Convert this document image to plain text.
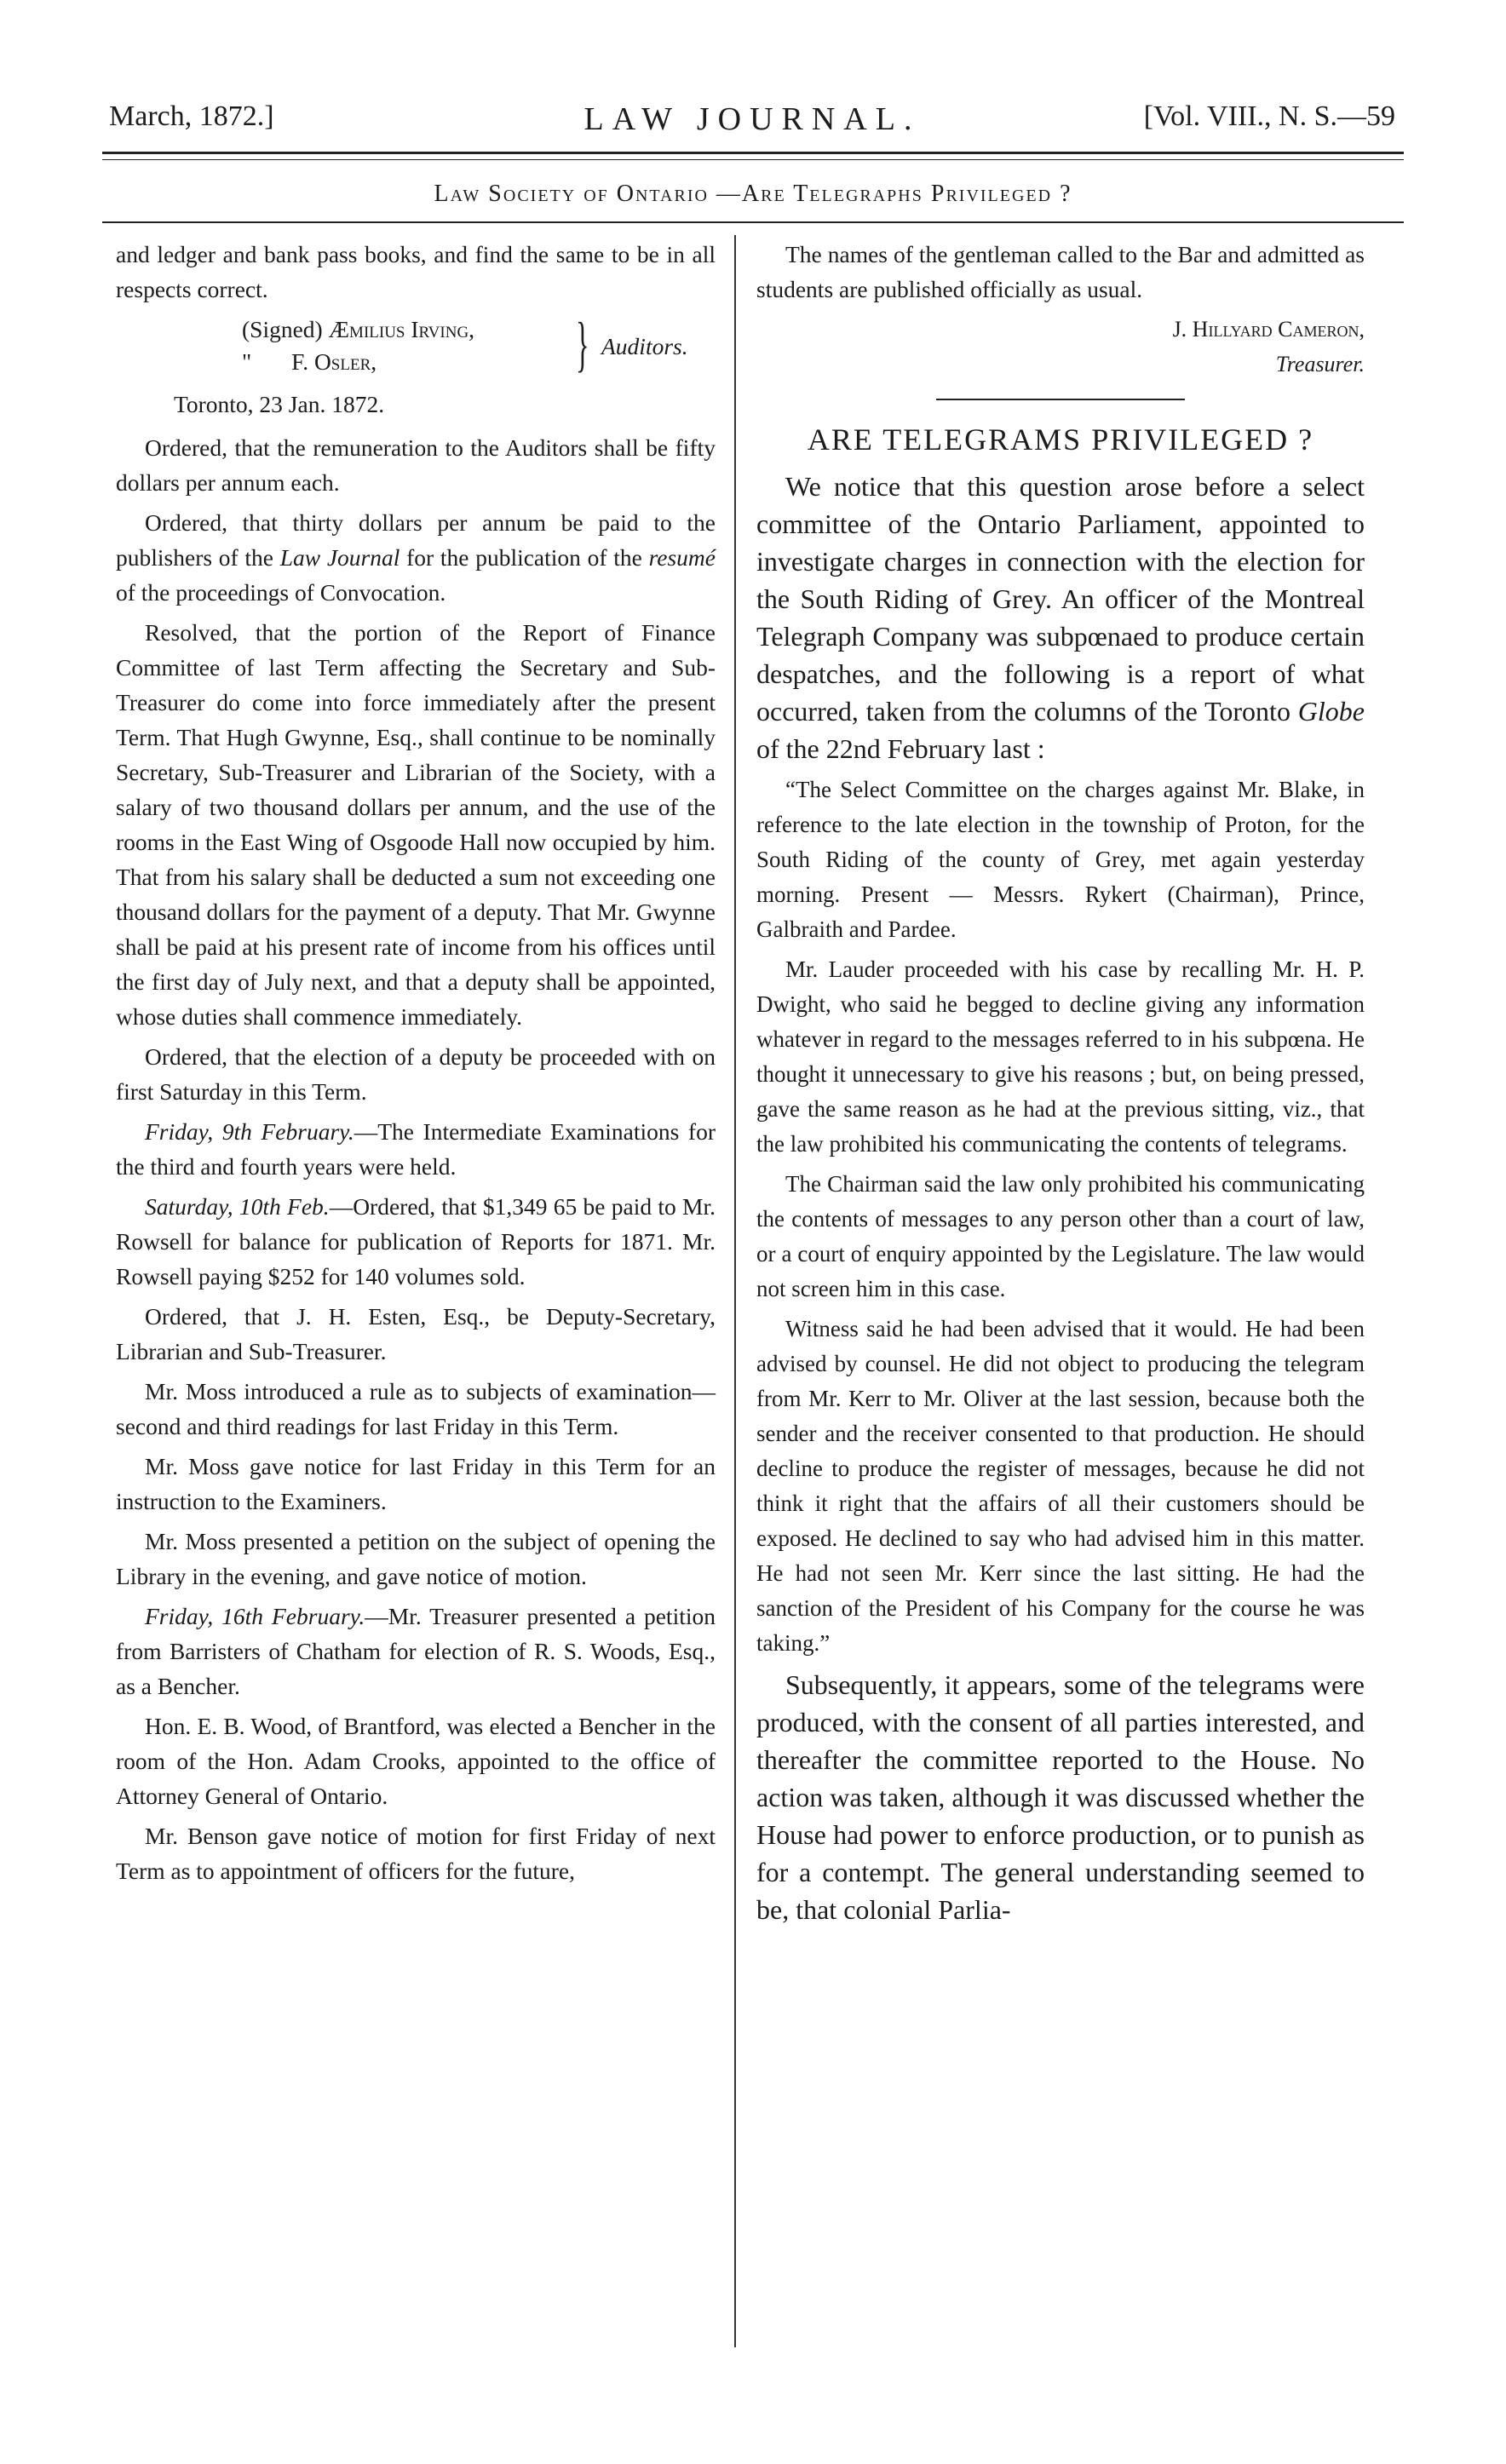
March, 1872.]	LAW JOURNAL.	[Vol. VIII., N. S.—59
Law Society of Ontario —Are Telegraphs Privileged ?

and ledger and bank pass books, and find the same to be in all respects correct.

(Signed) Æmilius Irving,
" F. Osler,	} Auditors.

Toronto, 23 Jan. 1872.

Ordered, that the remuneration to the Auditors shall be fifty dollars per annum each.

Ordered, that thirty dollars per annum be paid to the publishers of the Law Journal for the publication of the resumé of the proceedings of Convocation.

Resolved, that the portion of the Report of Finance Committee of last Term affecting the Secretary and Sub-Treasurer do come into force immediately after the present Term. That Hugh Gwynne, Esq., shall continue to be nominally Secretary, Sub-Treasurer and Librarian of the Society, with a salary of two thousand dollars per annum, and the use of the rooms in the East Wing of Osgoode Hall now occupied by him. That from his salary shall be deducted a sum not exceeding one thousand dollars for the payment of a deputy. That Mr. Gwynne shall be paid at his present rate of income from his offices until the first day of July next, and that a deputy shall be appointed, whose duties shall commence immediately.

Ordered, that the election of a deputy be proceeded with on first Saturday in this Term.

Friday, 9th February.—The Intermediate Examinations for the third and fourth years were held.

Saturday, 10th Feb.—Ordered, that $1,349 65 be paid to Mr. Rowsell for balance for publication of Reports for 1871. Mr. Rowsell paying $252 for 140 volumes sold.

Ordered, that J. H. Esten, Esq., be Deputy-Secretary, Librarian and Sub-Treasurer.

Mr. Moss introduced a rule as to subjects of examination—second and third readings for last Friday in this Term.

Mr. Moss gave notice for last Friday in this Term for an instruction to the Examiners.

Mr. Moss presented a petition on the subject of opening the Library in the evening, and gave notice of motion.

Friday, 16th February.—Mr. Treasurer presented a petition from Barristers of Chatham for election of R. S. Woods, Esq., as a Bencher.

Hon. E. B. Wood, of Brantford, was elected a Bencher in the room of the Hon. Adam Crooks, appointed to the office of Attorney General of Ontario.

Mr. Benson gave notice of motion for first Friday of next Term as to appointment of officers for the future,

The names of the gentleman called to the Bar and admitted as students are published officially as usual.

J. Hillyard Cameron,
Treasurer.
ARE TELEGRAMS PRIVILEGED ?

We notice that this question arose before a select committee of the Ontario Parliament, appointed to investigate charges in connection with the election for the South Riding of Grey. An officer of the Montreal Telegraph Company was subpœnaed to produce certain despatches, and the following is a report of what occurred, taken from the columns of the Toronto Globe of the 22nd February last :

“The Select Committee on the charges against Mr. Blake, in reference to the late election in the township of Proton, for the South Riding of the county of Grey, met again yesterday morning. Present — Messrs. Rykert (Chairman), Prince, Galbraith and Pardee.

Mr. Lauder proceeded with his case by recalling Mr. H. P. Dwight, who said he begged to decline giving any information whatever in regard to the messages referred to in his subpœna. He thought it unnecessary to give his reasons ; but, on being pressed, gave the same reason as he had at the previous sitting, viz., that the law prohibited his communicating the contents of telegrams.

The Chairman said the law only prohibited his communicating the contents of messages to any person other than a court of law, or a court of enquiry appointed by the Legislature. The law would not screen him in this case.

Witness said he had been advised that it would. He had been advised by counsel. He did not object to producing the telegram from Mr. Kerr to Mr. Oliver at the last session, because both the sender and the receiver consented to that production. He should decline to produce the register of messages, because he did not think it right that the affairs of all their customers should be exposed. He declined to say who had advised him in this matter. He had not seen Mr. Kerr since the last sitting. He had the sanction of the President of his Company for the course he was taking.”

Subsequently, it appears, some of the telegrams were produced, with the consent of all parties interested, and thereafter the committee reported to the House. No action was taken, although it was discussed whether the House had power to enforce production, or to punish as for a contempt. The general understanding seemed to be, that colonial Parlia-
